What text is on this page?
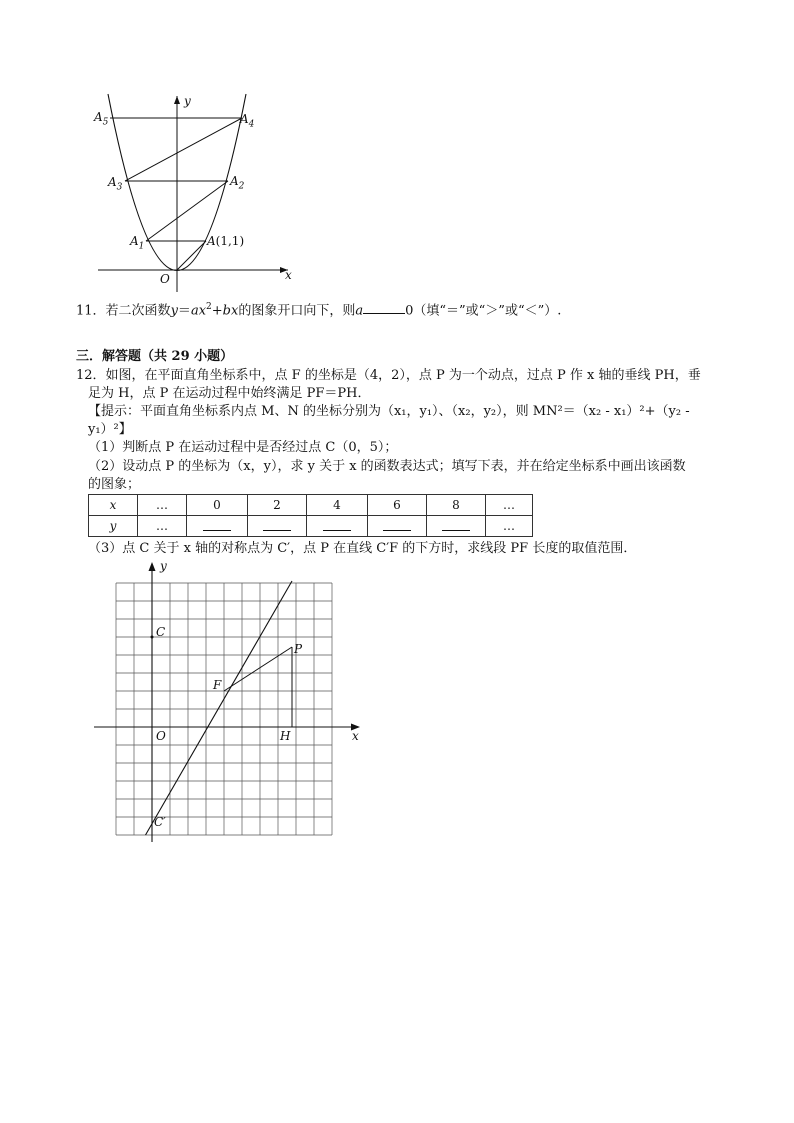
$A_5$	$A_4$
$A_3$	$A_2$
$A_1$	A(1,1)
O	x
y
11．若二次函数$y=ax^2+bx$的图象开口向下，则a	0（填“＝”或“＞”或“＜”）.
三．解答题（共 29 小题）
12．如图，在平面直角坐标系中，点 F 的坐标是（4，2），点 P 为一个动点，过点 P 作 x 轴的垂线 PH，垂
足为 H，点 P 在运动过程中始终满足 PF＝PH．
【提示：平面直角坐标系内点 M、N 的坐标分别为（x₁，y₁）、（x₂，y₂），则 MN²＝（x₂ - x₁）²+（y₂ -
y₁）²】
（1）判断点 P 在运动过程中是否经过点 C（0，5）；
（2）设动点 P 的坐标为（x，y），求 y 关于 x 的函数表达式；填写下表，并在给定坐标系中画出该函数
的图象；
x	…	0	2	4	6	8	…
y	…						…
（3）点 C 关于 x 轴的对称点为 C′，点 P 在直线 C′F 的下方时，求线段 PF 长度的取值范围．
y
x
C
P
F
O	H
C′
